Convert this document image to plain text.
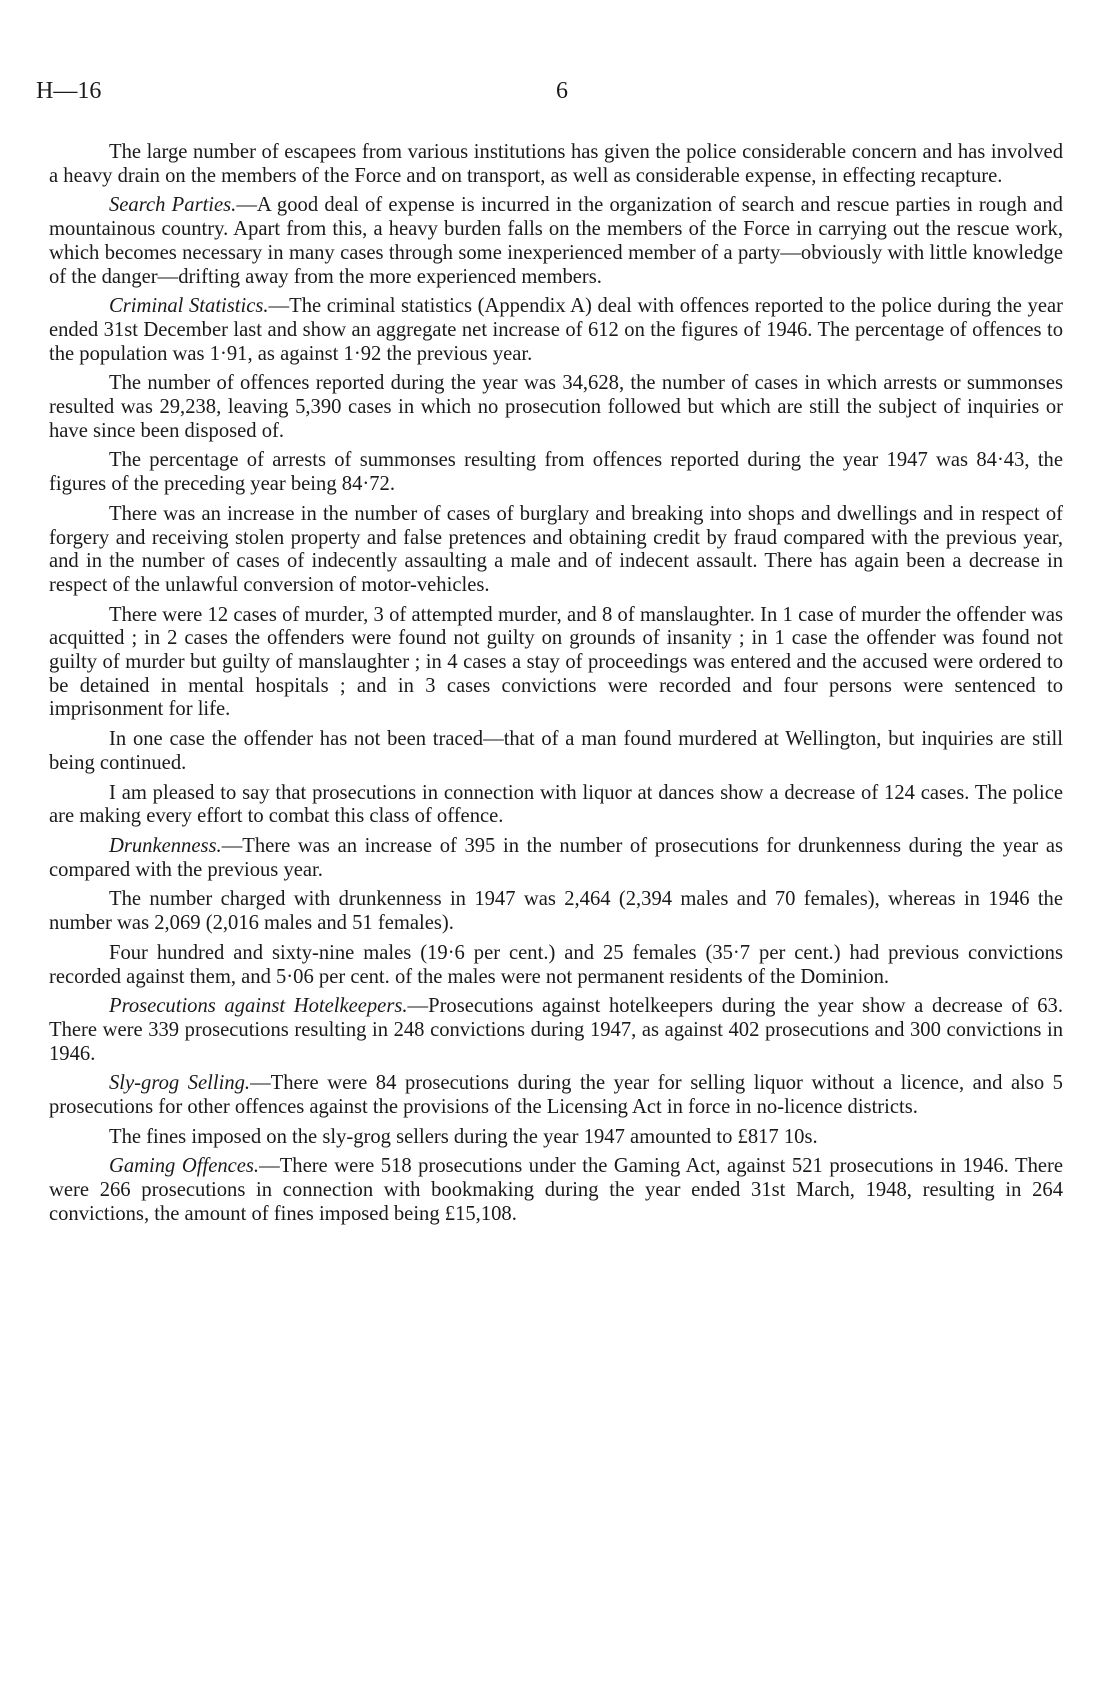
H—16	6

The large number of escapees from various institutions has given the police considerable concern and has involved a heavy drain on the members of the Force and on transport, as well as considerable expense, in effecting recapture.

Search Parties.—A good deal of expense is incurred in the organization of search and rescue parties in rough and mountainous country. Apart from this, a heavy burden falls on the members of the Force in carrying out the rescue work, which becomes necessary in many cases through some inexperienced member of a party—obviously with little knowledge of the danger—drifting away from the more experienced members.

Criminal Statistics.—The criminal statistics (Appendix A) deal with offences reported to the police during the year ended 31st December last and show an aggregate net increase of 612 on the figures of 1946. The percentage of offences to the population was 1·91, as against 1·92 the previous year.

The number of offences reported during the year was 34,628, the number of cases in which arrests or summonses resulted was 29,238, leaving 5,390 cases in which no prosecution followed but which are still the subject of inquiries or have since been disposed of.

The percentage of arrests of summonses resulting from offences reported during the year 1947 was 84·43, the figures of the preceding year being 84·72.

There was an increase in the number of cases of burglary and breaking into shops and dwellings and in respect of forgery and receiving stolen property and false pretences and obtaining credit by fraud compared with the previous year, and in the number of cases of indecently assaulting a male and of indecent assault. There has again been a decrease in respect of the unlawful conversion of motor-vehicles.

There were 12 cases of murder, 3 of attempted murder, and 8 of manslaughter. In 1 case of murder the offender was acquitted ; in 2 cases the offenders were found not guilty on grounds of insanity ; in 1 case the offender was found not guilty of murder but guilty of manslaughter ; in 4 cases a stay of proceedings was entered and the accused were ordered to be detained in mental hospitals ; and in 3 cases convictions were recorded and four persons were sentenced to imprisonment for life.

In one case the offender has not been traced—that of a man found murdered at Wellington, but inquiries are still being continued.

I am pleased to say that prosecutions in connection with liquor at dances show a decrease of 124 cases. The police are making every effort to combat this class of offence.

Drunkenness.—There was an increase of 395 in the number of prosecutions for drunkenness during the year as compared with the previous year.

The number charged with drunkenness in 1947 was 2,464 (2,394 males and 70 females), whereas in 1946 the number was 2,069 (2,016 males and 51 females).

Four hundred and sixty-nine males (19·6 per cent.) and 25 females (35·7 per cent.) had previous convictions recorded against them, and 5·06 per cent. of the males were not permanent residents of the Dominion.

Prosecutions against Hotelkeepers.—Prosecutions against hotelkeepers during the year show a decrease of 63. There were 339 prosecutions resulting in 248 convictions during 1947, as against 402 prosecutions and 300 convictions in 1946.

Sly-grog Selling.—There were 84 prosecutions during the year for selling liquor without a licence, and also 5 prosecutions for other offences against the provisions of the Licensing Act in force in no-licence districts.

The fines imposed on the sly-grog sellers during the year 1947 amounted to £817 10s.

Gaming Offences.—There were 518 prosecutions under the Gaming Act, against 521 prosecutions in 1946. There were 266 prosecutions in connection with bookmaking during the year ended 31st March, 1948, resulting in 264 convictions, the amount of fines imposed being £15,108.
